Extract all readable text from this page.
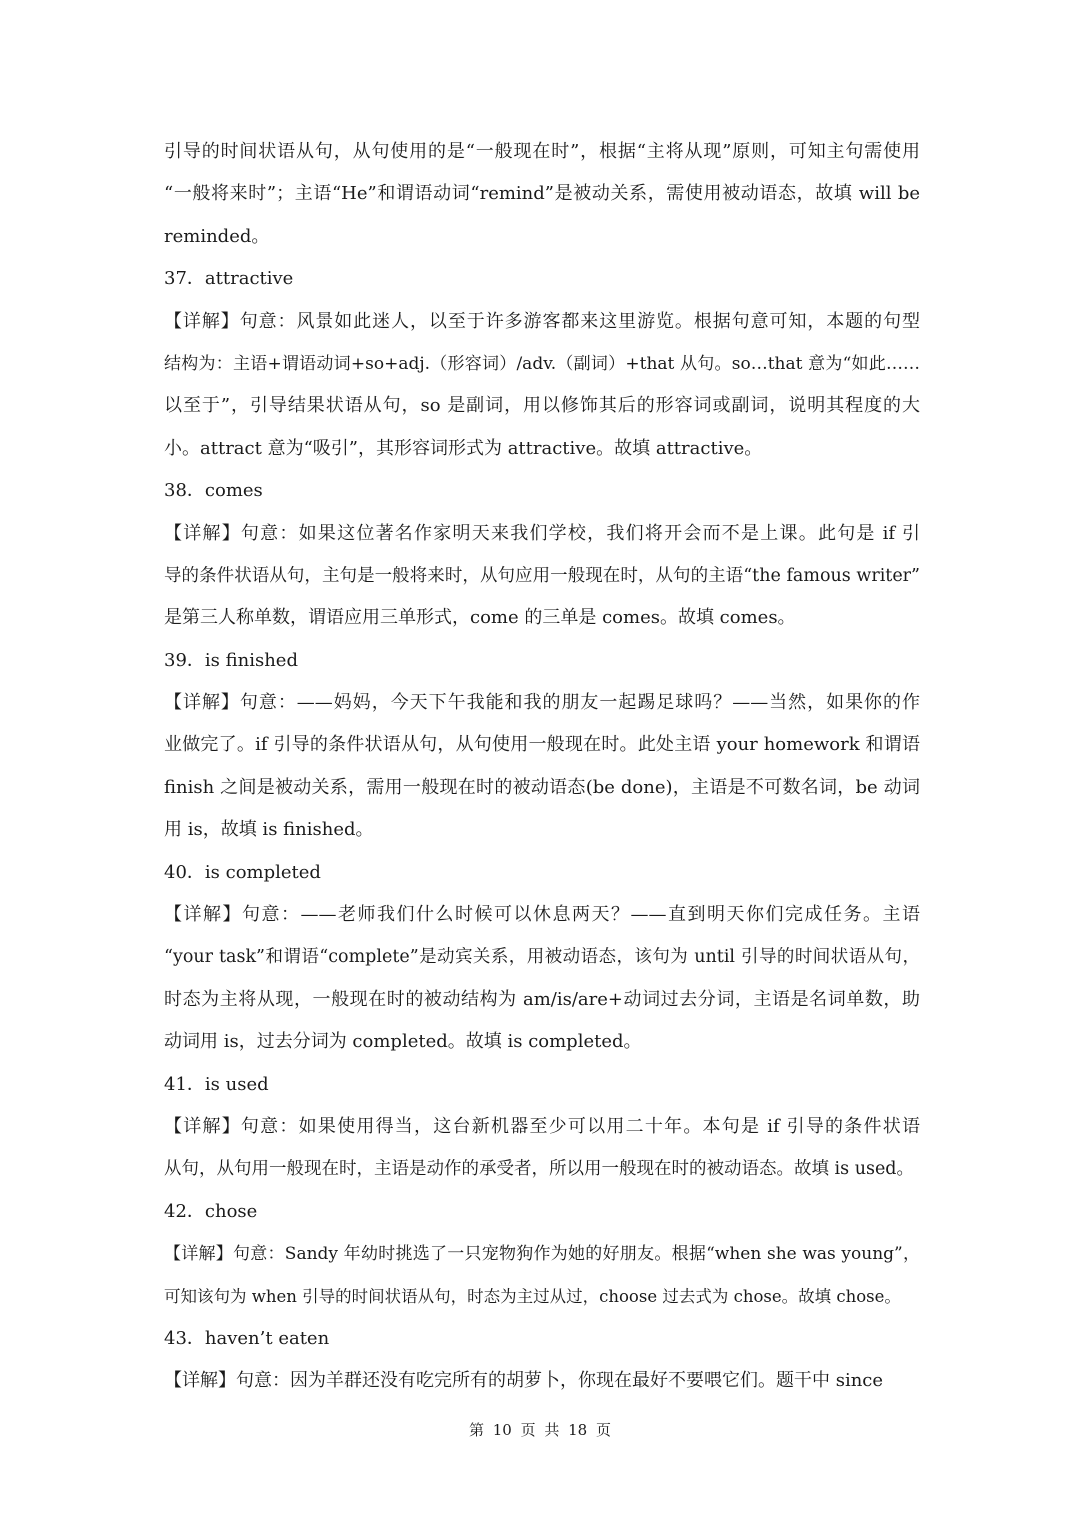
引导的时间状语从句，从句使用的是“一般现在时”，根据“主将从现”原则，可知主句需使用
“一般将来时”；主语“He”和谓语动词“remind”是被动关系，需使用被动语态，故填 will be
reminded。
37．attractive
【详解】句意：风景如此迷人，以至于许多游客都来这里游览。根据句意可知，本题的句型
结构为：主语+谓语动词+so+adj.（形容词）/adv.（副词）+that 从句。so…that 意为“如此……
以至于”，引导结果状语从句，so 是副词，用以修饰其后的形容词或副词，说明其程度的大
小。attract 意为“吸引”，其形容词形式为 attractive。故填 attractive。
38．comes
【详解】句意：如果这位著名作家明天来我们学校，我们将开会而不是上课。此句是 if 引
导的条件状语从句，主句是一般将来时，从句应用一般现在时，从句的主语“the famous writer”
是第三人称单数，谓语应用三单形式，come 的三单是 comes。故填 comes。
39．is finished
【详解】句意：——妈妈，今天下午我能和我的朋友一起踢足球吗？——当然，如果你的作
业做完了。if 引导的条件状语从句，从句使用一般现在时。此处主语 your homework 和谓语
finish 之间是被动关系，需用一般现在时的被动语态(be done)，主语是不可数名词，be 动词
用 is，故填 is finished。
40．is completed
【详解】句意：——老师我们什么时候可以休息两天？——直到明天你们完成任务。主语
“your task”和谓语“complete”是动宾关系，用被动语态，该句为 until 引导的时间状语从句，
时态为主将从现，一般现在时的被动结构为 am/is/are+动词过去分词，主语是名词单数，助
动词用 is，过去分词为 completed。故填 is completed。
41．is used
【详解】句意：如果使用得当，这台新机器至少可以用二十年。本句是 if 引导的条件状语
从句，从句用一般现在时，主语是动作的承受者，所以用一般现在时的被动语态。故填 is used。
42．chose
【详解】句意：Sandy 年幼时挑选了一只宠物狗作为她的好朋友。根据“when she was young”，
可知该句为 when 引导的时间状语从句，时态为主过从过，choose 过去式为 chose。故填 chose。
43．haven’t eaten
【详解】句意：因为羊群还没有吃完所有的胡萝卜，你现在最好不要喂它们。题干中 since
第 10 页 共 18 页
